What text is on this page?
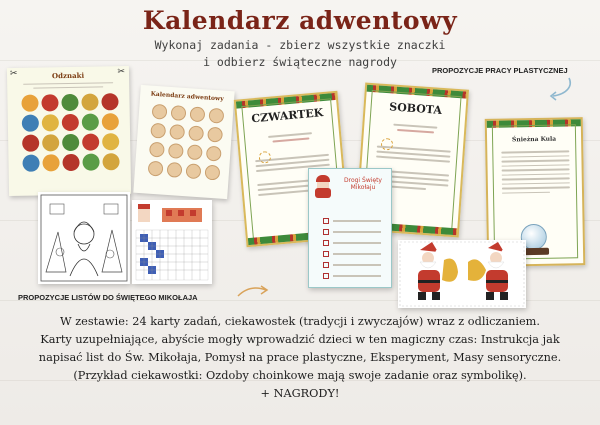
Kalendarz adwentowy
Wykonaj zadania - zbierz wszystkie znaczki
i odbierz świąteczne nagrody
PROPOZYCJE PRACY PLASTYCZNEJ
Odznaki
✂	✂
Kalendarz adwentowy
PROPOZYCJE LISTÓW DO ŚWIĘTEGO MIKOŁAJA
CZWARTEK	SOBOTA
Drogi Święty Mikołaju
Śnieżna Kula
W zestawie: 24 karty zadań, ciekawostek (tradycji i zwyczajów) wraz z odliczaniem.
Karty uzupełniające, abyście mogły wprowadzić dzieci w ten magiczny czas: Instrukcja jak
napisać list do Św. Mikołaja, Pomysł na prace plastyczne, Eksperyment, Masy sensoryczne.
(Przykład ciekawostki: Ozdoby choinkowe mają swoje zadanie oraz symbolikę).
+ NAGRODY!
